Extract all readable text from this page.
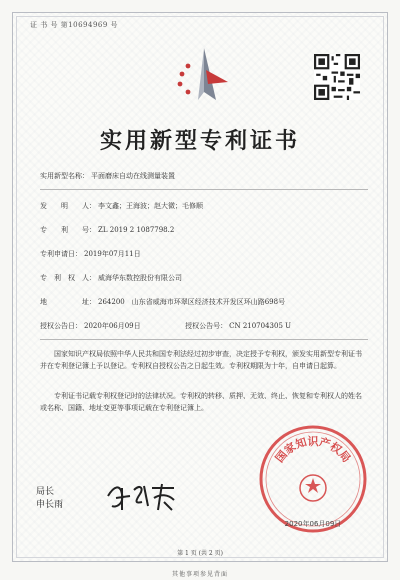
证 书 号 第10694969 号
实用新型专利证书
实用新型名称： 平面磨床自动在线测量装置
发　　明　　人： 李文鑫；王海波；赵大微；毛修顺
专　　利　　号： ZL 2019 2 1087798.2
专利申请日： 2019年07月11日
专　利　权　人： 威海华东数控股份有限公司
地　　　　　址： 264200　山东省威海市环翠区经济技术开发区环山路698号
授权公告日： 2020年06月09日	授权公告号： CN 210704305 U
国家知识产权局依照中华人民共和国专利法经过初步审查，决定授予专利权，颁发实用新型专利证书并在专利登记簿上予以登记。专利权自授权公告之日起生效。专利权期限为十年，自申请日起算。
专利证书记载专利权登记时的法律状况。专利权的转移、质押、无效、终止、恢复和专利权人的姓名或名称、国籍、地址变更等事项记载在专利登记簿上。
国家知识产权局
2020年06月09日
局长
申长雨
第 1 页 (共 2 页)
其他事项参见背面
